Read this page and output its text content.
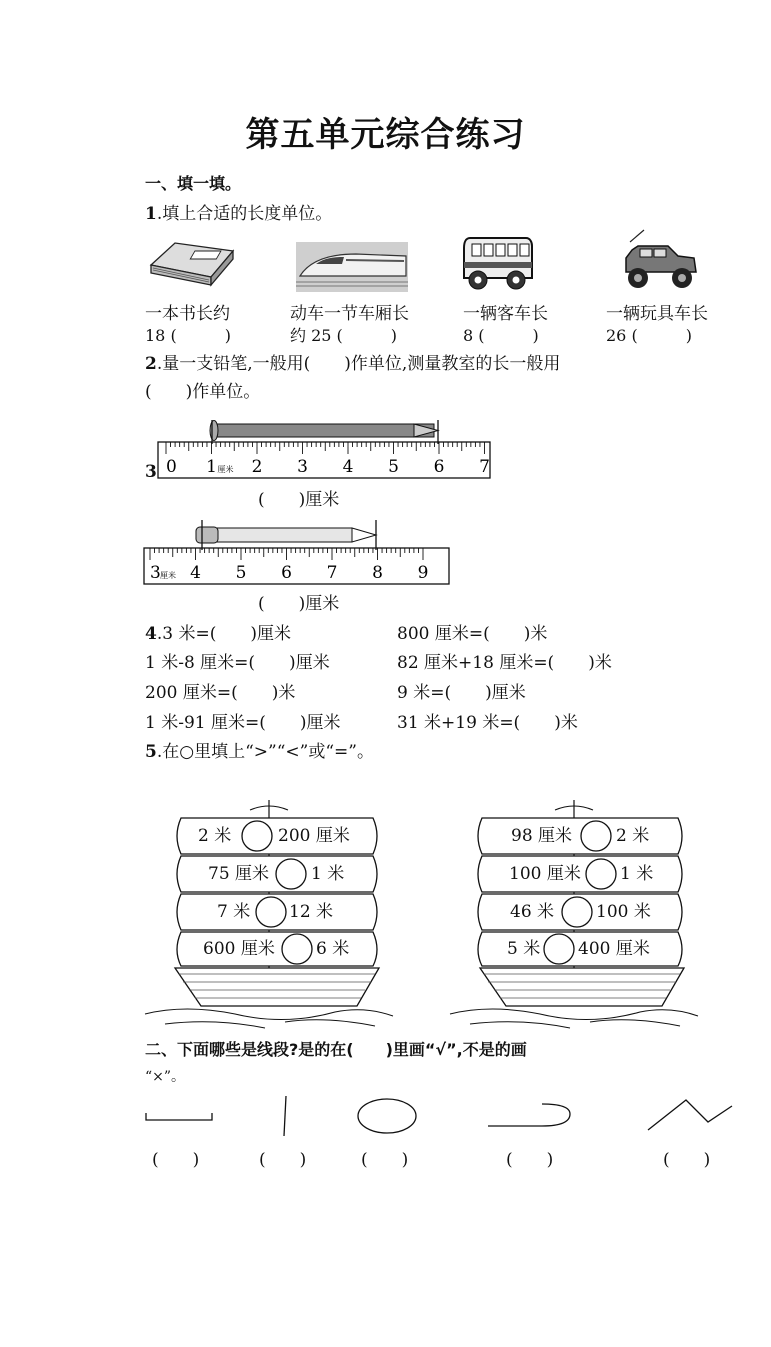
第五单元综合练习
一、填一填。
1.填上合适的长度单位。
一本书长约
18 (　　　)
动车一节车厢长
约 25 (　　　)
一辆客车长
8 (　　　)
一辆玩具车长
26 (　　　)
2.量一支铅笔,一般用(　　)作单位,测量教室的长一般用
(　　)作单位。
3 0 1 厘米 2 3 4 5 6 7
(　　)厘米
3 厘米 4 5 6 7 8 9
(　　)厘米
4.3 米=(　　)厘米	800 厘米=(　　)米
1 米-8 厘米=(　　)厘米	82 厘米+18 厘米=(　　)米
200 厘米=(　　)米	9 米=(　　)厘米
1 米-91 厘米=(　　)厘米	31 米+19 米=(　　)米
5.在○里填上“>”“<”或“=”。
2 米	200 厘米
75 厘米 1 米
7 米 12 米
600 厘米 6 米
98 厘米	2 米
100 厘米 1 米
46 米 100 米
5 米 400 厘米
二、下面哪些是线段?是的在(　　)里画“√”,不是的画
“×”。
(　　)	(　　)	(　　)	(　　)	(　　)
